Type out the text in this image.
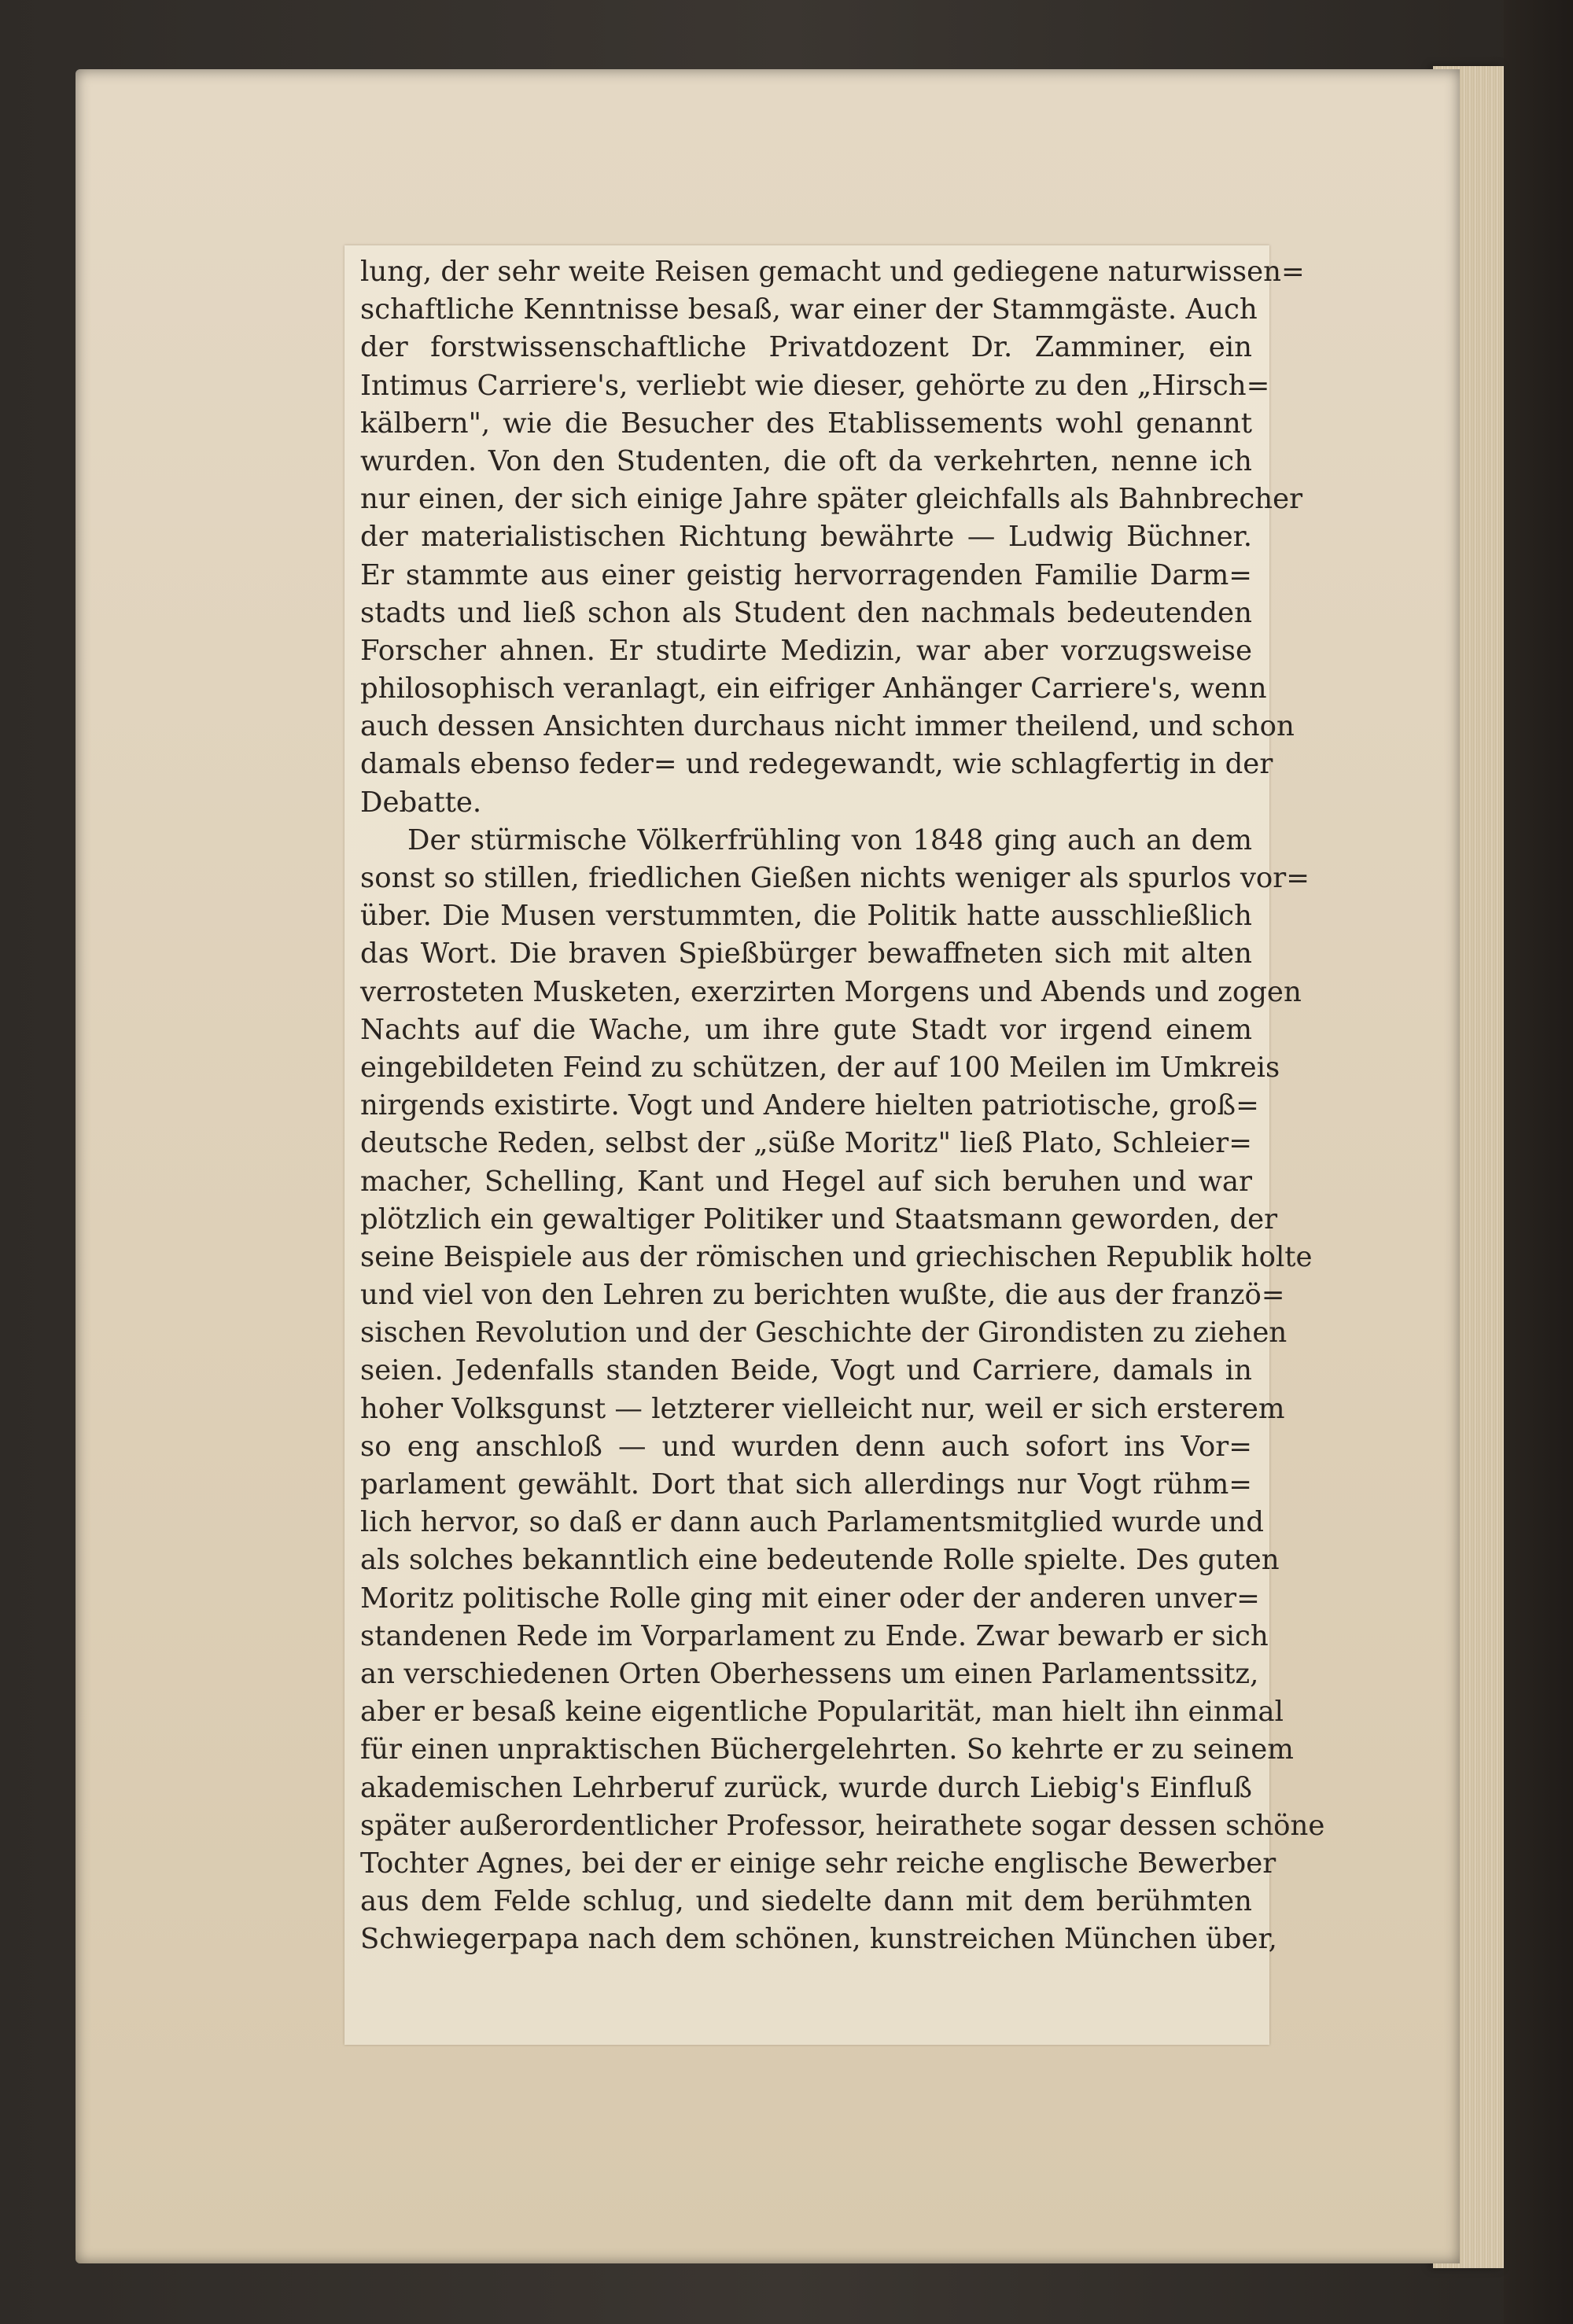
lung, der sehr weite Reisen gemacht und gediegene naturwissen=
schaftliche Kenntnisse besaß, war einer der Stammgäste. Auch
der forstwissenschaftliche Privatdozent Dr. Zamminer, ein
Intimus Carriere's, verliebt wie dieser, gehörte zu den „Hirsch=
kälbern", wie die Besucher des Etablissements wohl genannt
wurden. Von den Studenten, die oft da verkehrten, nenne ich
nur einen, der sich einige Jahre später gleichfalls als Bahnbrecher
der materialistischen Richtung bewährte — Ludwig Büchner.
Er stammte aus einer geistig hervorragenden Familie Darm=
stadts und ließ schon als Student den nachmals bedeutenden
Forscher ahnen. Er studirte Medizin, war aber vorzugsweise
philosophisch veranlagt, ein eifriger Anhänger Carriere's, wenn
auch dessen Ansichten durchaus nicht immer theilend, und schon
damals ebenso feder= und redegewandt, wie schlagfertig in der
Debatte.
Der stürmische Völkerfrühling von 1848 ging auch an dem
sonst so stillen, friedlichen Gießen nichts weniger als spurlos vor=
über. Die Musen verstummten, die Politik hatte ausschließlich
das Wort. Die braven Spießbürger bewaffneten sich mit alten
verrosteten Musketen, exerzirten Morgens und Abends und zogen
Nachts auf die Wache, um ihre gute Stadt vor irgend einem
eingebildeten Feind zu schützen, der auf 100 Meilen im Umkreis
nirgends existirte. Vogt und Andere hielten patriotische, groß=
deutsche Reden, selbst der „süße Moritz" ließ Plato, Schleier=
macher, Schelling, Kant und Hegel auf sich beruhen und war
plötzlich ein gewaltiger Politiker und Staatsmann geworden, der
seine Beispiele aus der römischen und griechischen Republik holte
und viel von den Lehren zu berichten wußte, die aus der franzö=
sischen Revolution und der Geschichte der Girondisten zu ziehen
seien. Jedenfalls standen Beide, Vogt und Carriere, damals in
hoher Volksgunst — letzterer vielleicht nur, weil er sich ersterem
so eng anschloß — und wurden denn auch sofort ins Vor=
parlament gewählt. Dort that sich allerdings nur Vogt rühm=
lich hervor, so daß er dann auch Parlamentsmitglied wurde und
als solches bekanntlich eine bedeutende Rolle spielte. Des guten
Moritz politische Rolle ging mit einer oder der anderen unver=
standenen Rede im Vorparlament zu Ende. Zwar bewarb er sich
an verschiedenen Orten Oberhessens um einen Parlamentssitz,
aber er besaß keine eigentliche Popularität, man hielt ihn einmal
für einen unpraktischen Büchergelehrten. So kehrte er zu seinem
akademischen Lehrberuf zurück, wurde durch Liebig's Einfluß
später außerordentlicher Professor, heirathete sogar dessen schöne
Tochter Agnes, bei der er einige sehr reiche englische Bewerber
aus dem Felde schlug, und siedelte dann mit dem berühmten
Schwiegerpapa nach dem schönen, kunstreichen München über,
